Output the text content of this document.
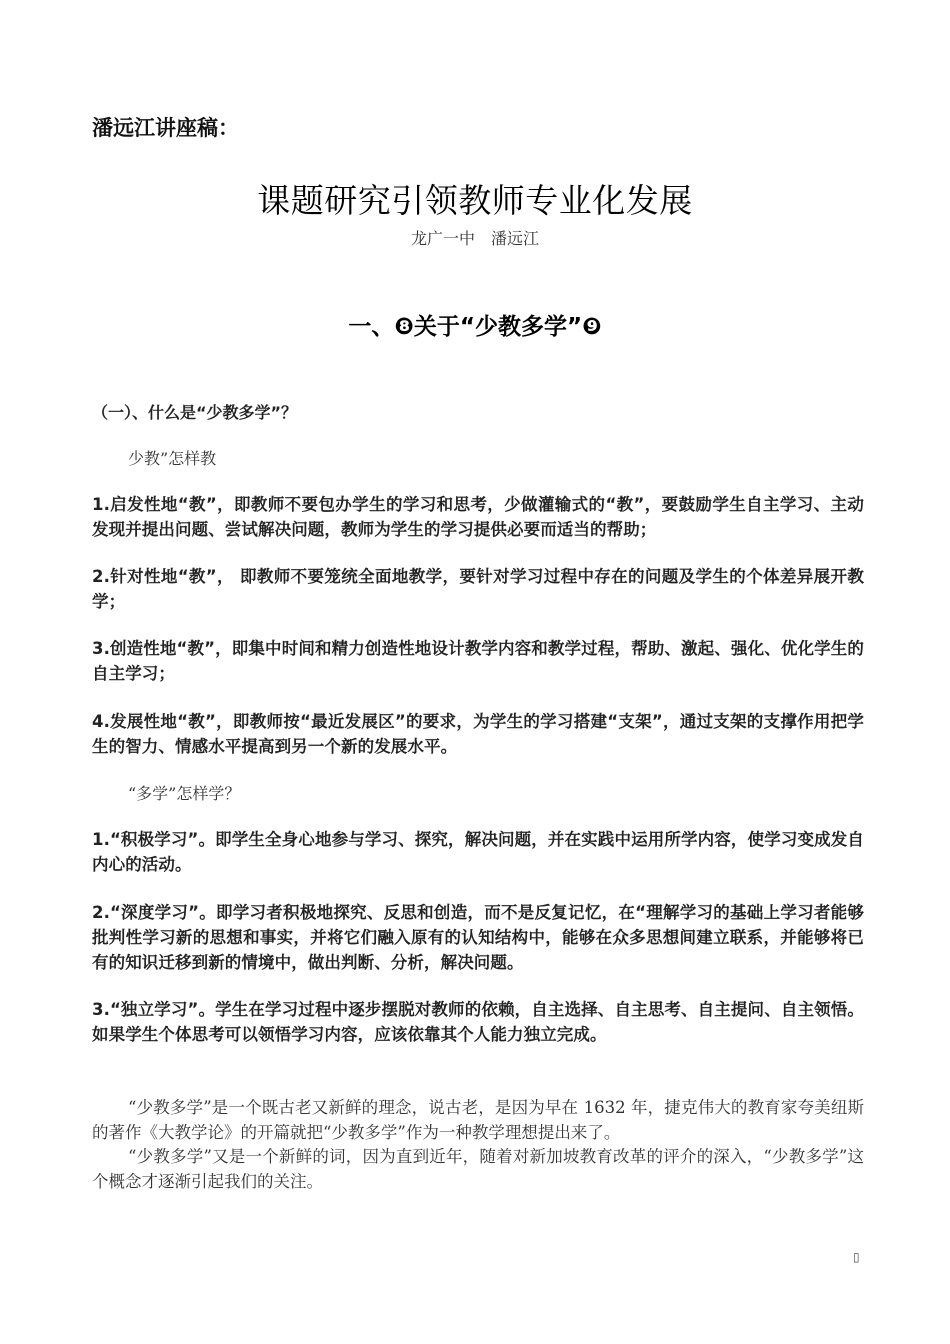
潘远江讲座稿：
课题研究引领教师专业化发展
龙广一中　潘远江
一、❽关于“少教多学”❾
（一）、什么是“少教多学”？
少教”怎样教
1.启发性地“教”，即教师不要包办学生的学习和思考，少做灌输式的“教”，要鼓励学生自主学习、主动发现并提出问题、尝试解决问题，教师为学生的学习提供必要而适当的帮助；
2.针对性地“教”， 即教师不要笼统全面地教学，要针对学习过程中存在的问题及学生的个体差异展开教学；
3.创造性地“教”，即集中时间和精力创造性地设计教学内容和教学过程，帮助、激起、强化、优化学生的自主学习；
4.发展性地“教”，即教师按“最近发展区”的要求，为学生的学习搭建“支架”，通过支架的支撑作用把学生的智力、情感水平提高到另一个新的发展水平。
“多学”怎样学？
1.“积极学习”。即学生全身心地参与学习、探究，解决问题，并在实践中运用所学内容，使学习变成发自内心的活动。
2.“深度学习”。即学习者积极地探究、反思和创造，而不是反复记忆，在“理解学习的基础上学习者能够批判性学习新的思想和事实，并将它们融入原有的认知结构中，能够在众多思想间建立联系，并能够将已有的知识迁移到新的情境中，做出判断、分析，解决问题。
3.“独立学习”。学生在学习过程中逐步摆脱对教师的依赖，自主选择、自主思考、自主提问、自主领悟。如果学生个体思考可以领悟学习内容，应该依靠其个人能力独立完成。
“少教多学”是一个既古老又新鲜的理念，说古老，是因为早在 1632 年，捷克伟大的教育家夸美纽斯的著作《大教学论》的开篇就把“少教多学”作为一种教学理想提出来了。
“少教多学”又是一个新鲜的词，因为直到近年，随着对新加坡教育改革的评介的深入，“少教多学”这个概念才逐渐引起我们的关注。
▯
